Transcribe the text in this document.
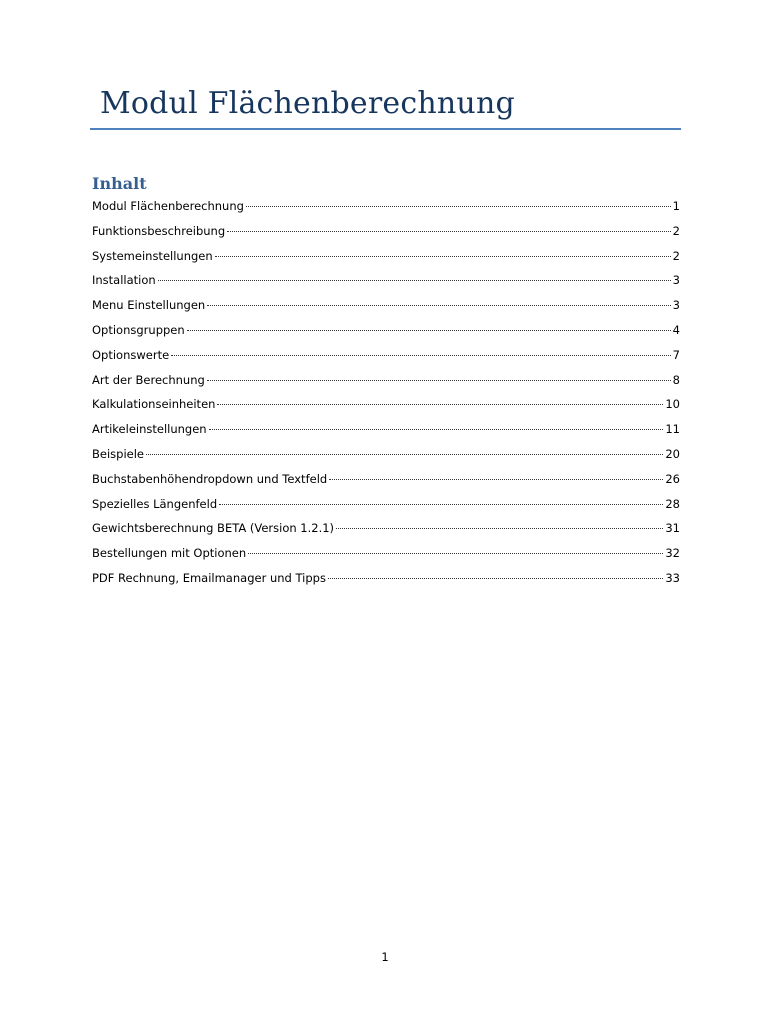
Modul Flächenberechnung
Inhalt
Modul Flächenberechnung	1
Funktionsbeschreibung	2
Systemeinstellungen	2
Installation	3
Menu Einstellungen	3
Optionsgruppen	4
Optionswerte	7
Art der Berechnung	8
Kalkulationseinheiten	10
Artikeleinstellungen	11
Beispiele	20
Buchstabenhöhendropdown und Textfeld	26
Spezielles Längenfeld	28
Gewichtsberechnung BETA (Version 1.2.1)	31
Bestellungen mit Optionen	32
PDF Rechnung, Emailmanager und Tipps	33
1
